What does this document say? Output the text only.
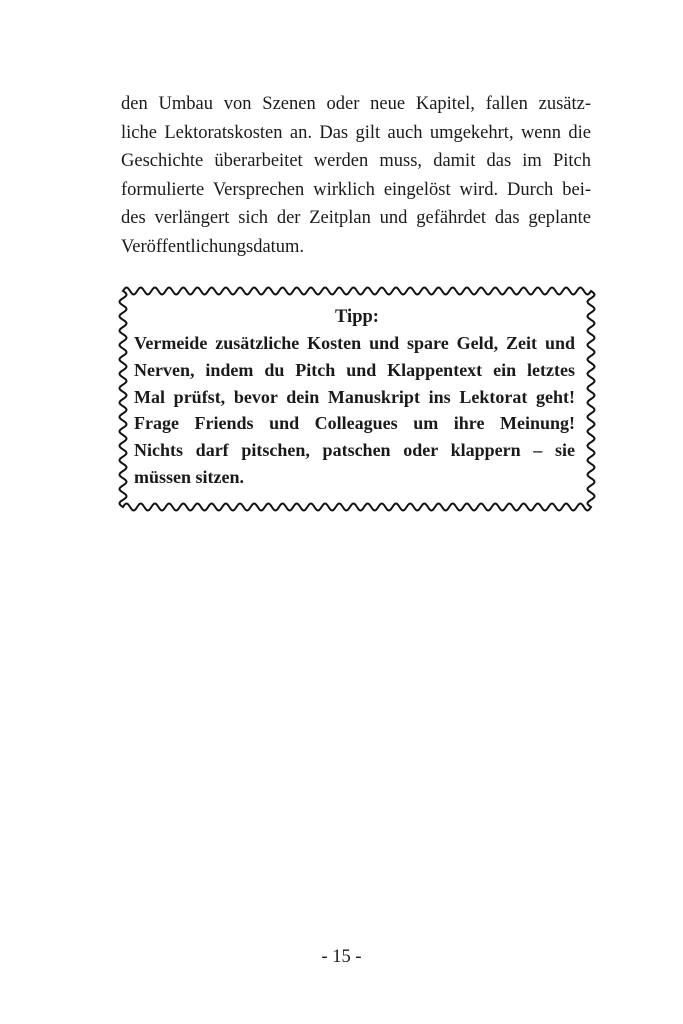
den Umbau von Szenen oder neue Kapitel, fallen zusätz-
liche Lektoratskosten an. Das gilt auch umgekehrt, wenn die
Geschichte überarbeitet werden muss, damit das im Pitch
formulierte Versprechen wirklich eingelöst wird. Durch bei-
des verlängert sich der Zeitplan und gefährdet das geplante
Veröffentlichungsdatum.
Tipp:
Vermeide zusätzliche Kosten und spare Geld, Zeit und
Nerven, indem du Pitch und Klappentext ein letztes
Mal prüfst, bevor dein Manuskript ins Lektorat geht!
Frage Friends und Colleagues um ihre Meinung!
Nichts darf pitschen, patschen oder klappern – sie
müssen sitzen.
- 15 -
